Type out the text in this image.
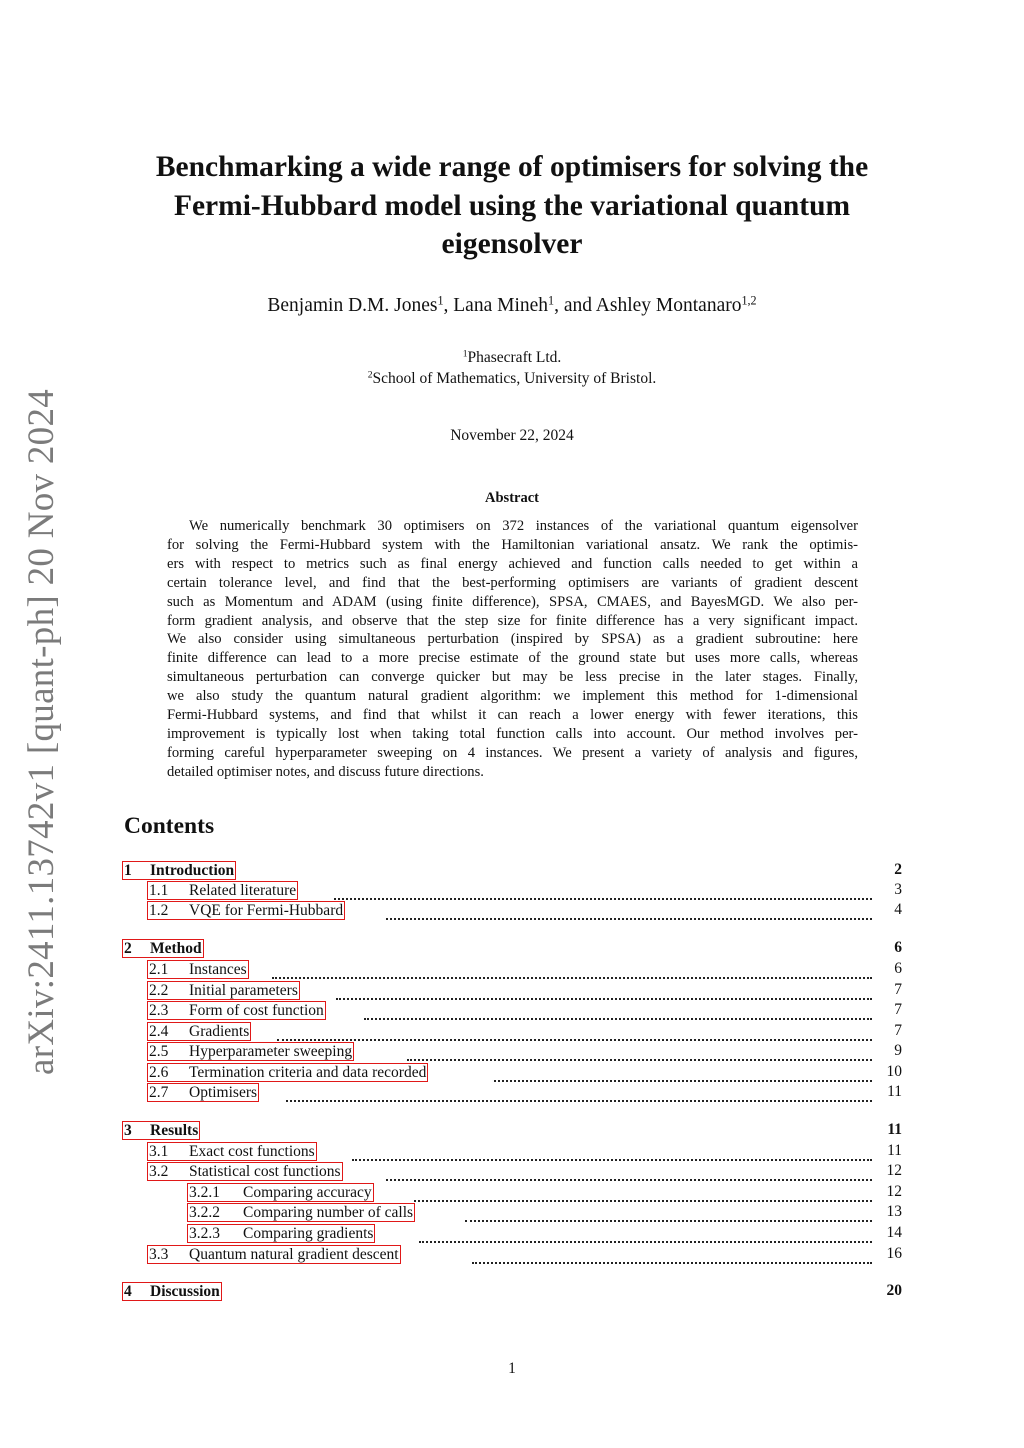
arXiv:2411.13742v1 [quant-ph] 20 Nov 2024
Benchmarking a wide range of optimisers for solving the
Fermi-Hubbard model using the variational quantum
eigensolver
Benjamin D.M. Jones$^1$, Lana Mineh$^1$, and Ashley Montanaro$^{1,2}$
$^1$Phasecraft Ltd.
$^2$School of Mathematics, University of Bristol.
November 22, 2024
Abstract
We numerically benchmark 30 optimisers on 372 instances of the variational quantum eigensolver
for solving the Fermi-Hubbard system with the Hamiltonian variational ansatz. We rank the optimis-
ers with respect to metrics such as final energy achieved and function calls needed to get within a
certain tolerance level, and find that the best-performing optimisers are variants of gradient descent
such as Momentum and ADAM (using finite difference), SPSA, CMAES, and BayesMGD. We also per-
form gradient analysis, and observe that the step size for finite difference has a very significant impact.
We also consider using simultaneous perturbation (inspired by SPSA) as a gradient subroutine: here
finite difference can lead to a more precise estimate of the ground state but uses more calls, whereas
simultaneous perturbation can converge quicker but may be less precise in the later stages. Finally,
we also study the quantum natural gradient algorithm: we implement this method for 1-dimensional
Fermi-Hubbard systems, and find that whilst it can reach a lower energy with fewer iterations, this
improvement is typically lost when taking total function calls into account. Our method involves per-
forming careful hyperparameter sweeping on 4 instances. We present a variety of analysis and figures,
detailed optimiser notes, and discuss future directions.
Contents
1 Introduction	2
1.1 Related literature	3
1.2 VQE for Fermi-Hubbard	4
2 Method	6
2.1 Instances	6
2.2 Initial parameters	7
2.3 Form of cost function	7
2.4 Gradients	7
2.5 Hyperparameter sweeping	9
2.6 Termination criteria and data recorded	10
2.7 Optimisers	11
3 Results	11
3.1 Exact cost functions	11
3.2 Statistical cost functions	12
3.2.1 Comparing accuracy	12
3.2.2 Comparing number of calls	13
3.2.3 Comparing gradients	14
3.3 Quantum natural gradient descent	16
4 Discussion	20
1
